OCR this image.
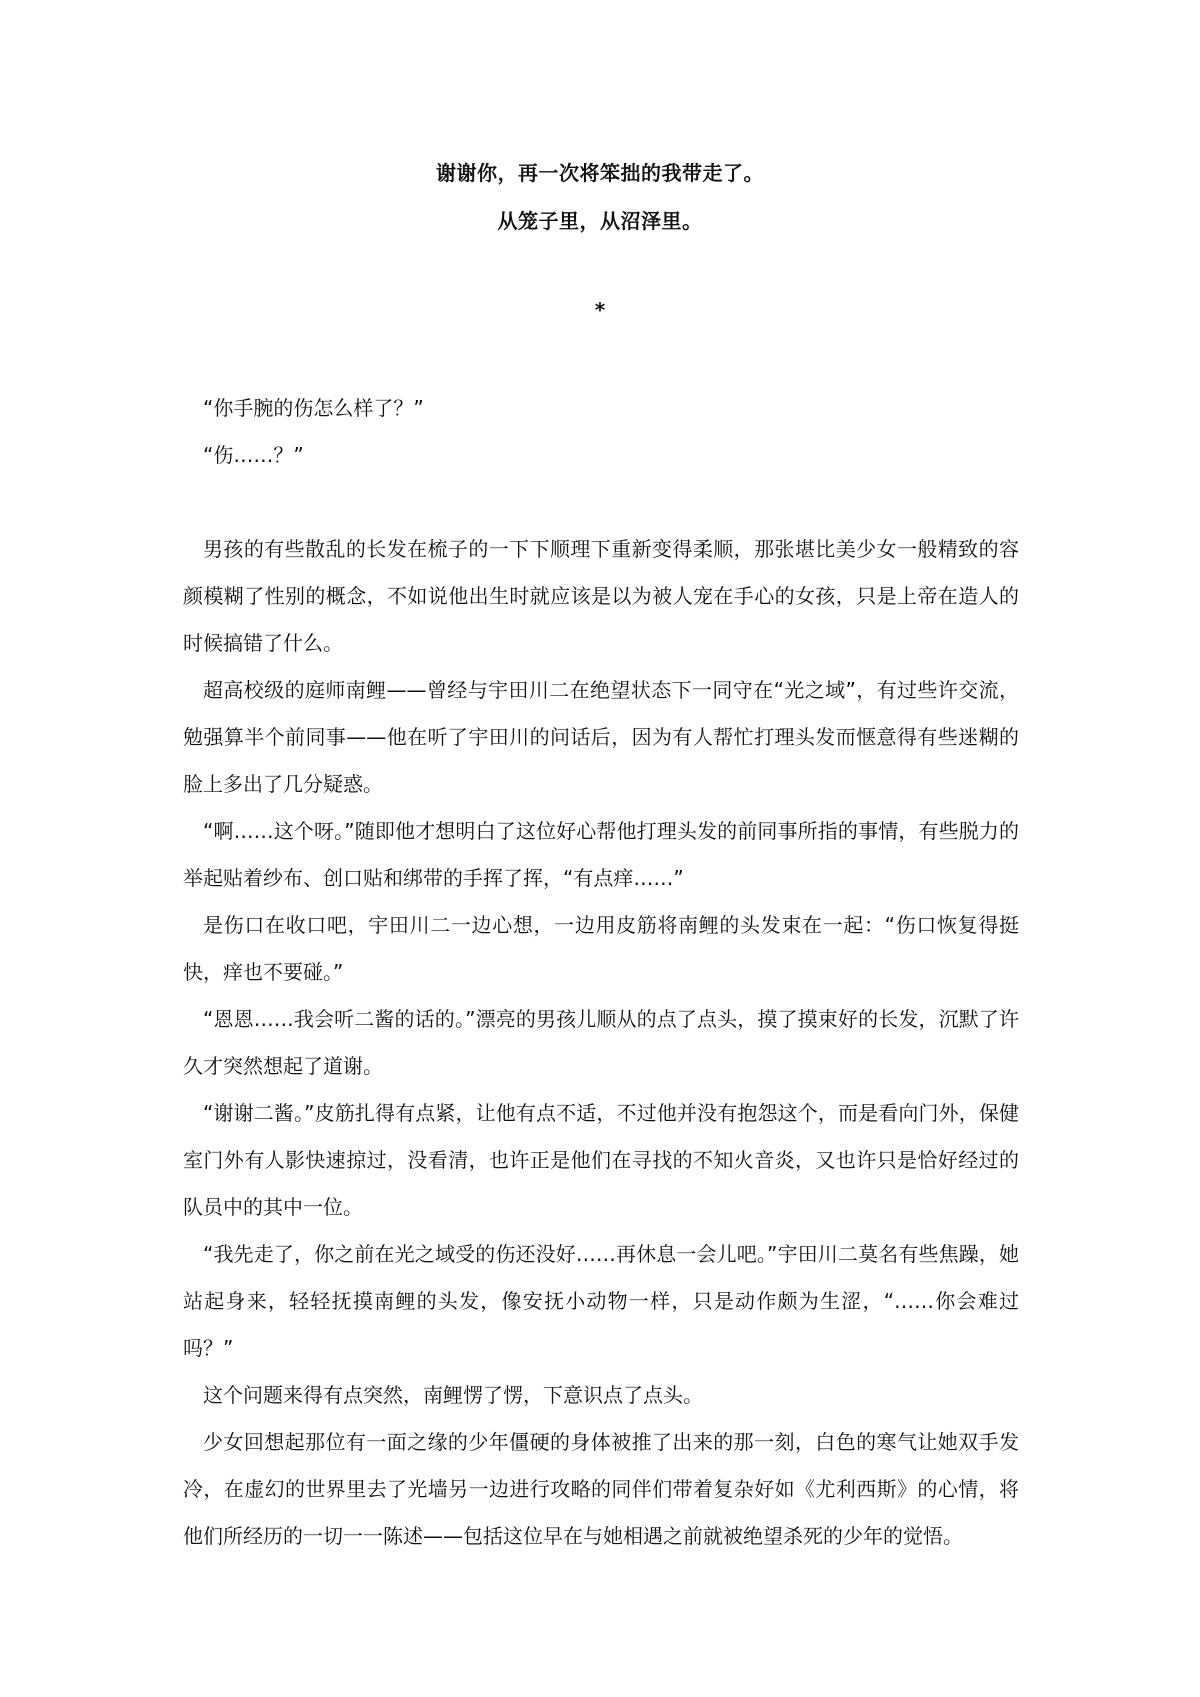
谢谢你，再一次将笨拙的我带走了。
从笼子里，从沼泽里。
*

“你手腕的伤怎么样了？”

“伤……？”

男孩的有些散乱的长发在梳子的一下下顺理下重新变得柔顺，那张堪比美少女一般精致的容颜模糊了性别的概念，不如说他出生时就应该是以为被人宠在手心的女孩，只是上帝在造人的时候搞错了什么。

超高校级的庭师南鲤——曾经与宇田川二在绝望状态下一同守在“光之域”，有过些许交流，勉强算半个前同事——他在听了宇田川的问话后，因为有人帮忙打理头发而惬意得有些迷糊的脸上多出了几分疑惑。

“啊……这个呀。”随即他才想明白了这位好心帮他打理头发的前同事所指的事情，有些脱力的举起贴着纱布、创口贴和绑带的手挥了挥，“有点痒……”

是伤口在收口吧，宇田川二一边心想，一边用皮筋将南鲤的头发束在一起：“伤口恢复得挺快，痒也不要碰。”

“恩恩……我会听二酱的话的。”漂亮的男孩儿顺从的点了点头，摸了摸束好的长发，沉默了许久才突然想起了道谢。

“谢谢二酱。”皮筋扎得有点紧，让他有点不适，不过他并没有抱怨这个，而是看向门外，保健室门外有人影快速掠过，没看清，也许正是他们在寻找的不知火音炎，又也许只是恰好经过的队员中的其中一位。

“我先走了，你之前在光之域受的伤还没好……再休息一会儿吧。”宇田川二莫名有些焦躁，她站起身来，轻轻抚摸南鲤的头发，像安抚小动物一样，只是动作颇为生涩，“……你会难过吗？”

这个问题来得有点突然，南鲤愣了愣，下意识点了点头。

少女回想起那位有一面之缘的少年僵硬的身体被推了出来的那一刻，白色的寒气让她双手发冷，在虚幻的世界里去了光墙另一边进行攻略的同伴们带着复杂好如《尤利西斯》的心情，将他们所经历的一切一一陈述——包括这位早在与她相遇之前就被绝望杀死的少年的觉悟。
